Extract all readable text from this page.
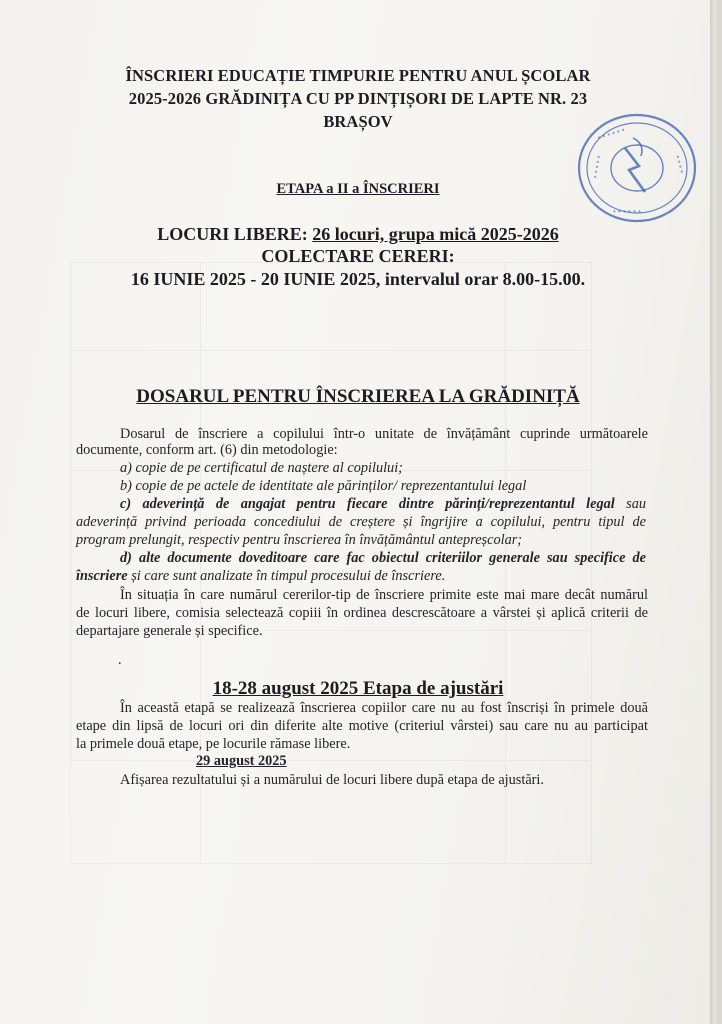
ÎNSCRIERI EDUCAȚIE TIMPURIE PENTRU ANUL ȘCOLAR
2025-2026 GRĂDINIȚA CU PP DINȚIȘORI DE LAPTE NR. 23
BRAȘOV
• • • • • •
• • • • •	• • • •
• • • • • •
ETAPA a II a ÎNSCRIERI
LOCURI LIBERE: 26 locuri, grupa mică 2025-2026
COLECTARE CERERI:
16 IUNIE 2025 - 20 IUNIE 2025, intervalul orar 8.00-15.00.
DOSARUL PENTRU ÎNSCRIEREA LA GRĂDINIȚĂ
Dosarul de înscriere a copilului într-o unitate de învățământ cuprinde următoarele
documente, conform art. (6) din metodologie:
a) copie de pe certificatul de naștere al copilului;
b) copie de pe actele de identitate ale părinților/ reprezentantului legal
c) adeverință de angajat pentru fiecare dintre părinți/reprezentantul legal sau
adeverință privind perioada concediului de creștere și îngrijire a copilului, pentru tipul de
program prelungit, respectiv pentru înscrierea în învățământul antepreșcolar;
d) alte documente doveditoare care fac obiectul criteriilor generale sau specifice de
înscriere și care sunt analizate în timpul procesului de înscriere.
În situația în care numărul cererilor-tip de înscriere primite este mai mare decât numărul
de locuri libere, comisia selectează copiii în ordinea descrescătoare a vârstei și aplică criterii de
departajare generale și specifice.
.
18-28 august 2025 Etapa de ajustări
În această etapă se realizează înscrierea copiilor care nu au fost înscriși în primele două
etape din lipsă de locuri ori din diferite alte motive (criteriul vârstei) sau care nu au participat
la primele două etape, pe locurile rămase libere.
29 august 2025
Afișarea rezultatului și a numărului de locuri libere după etapa de ajustări.
